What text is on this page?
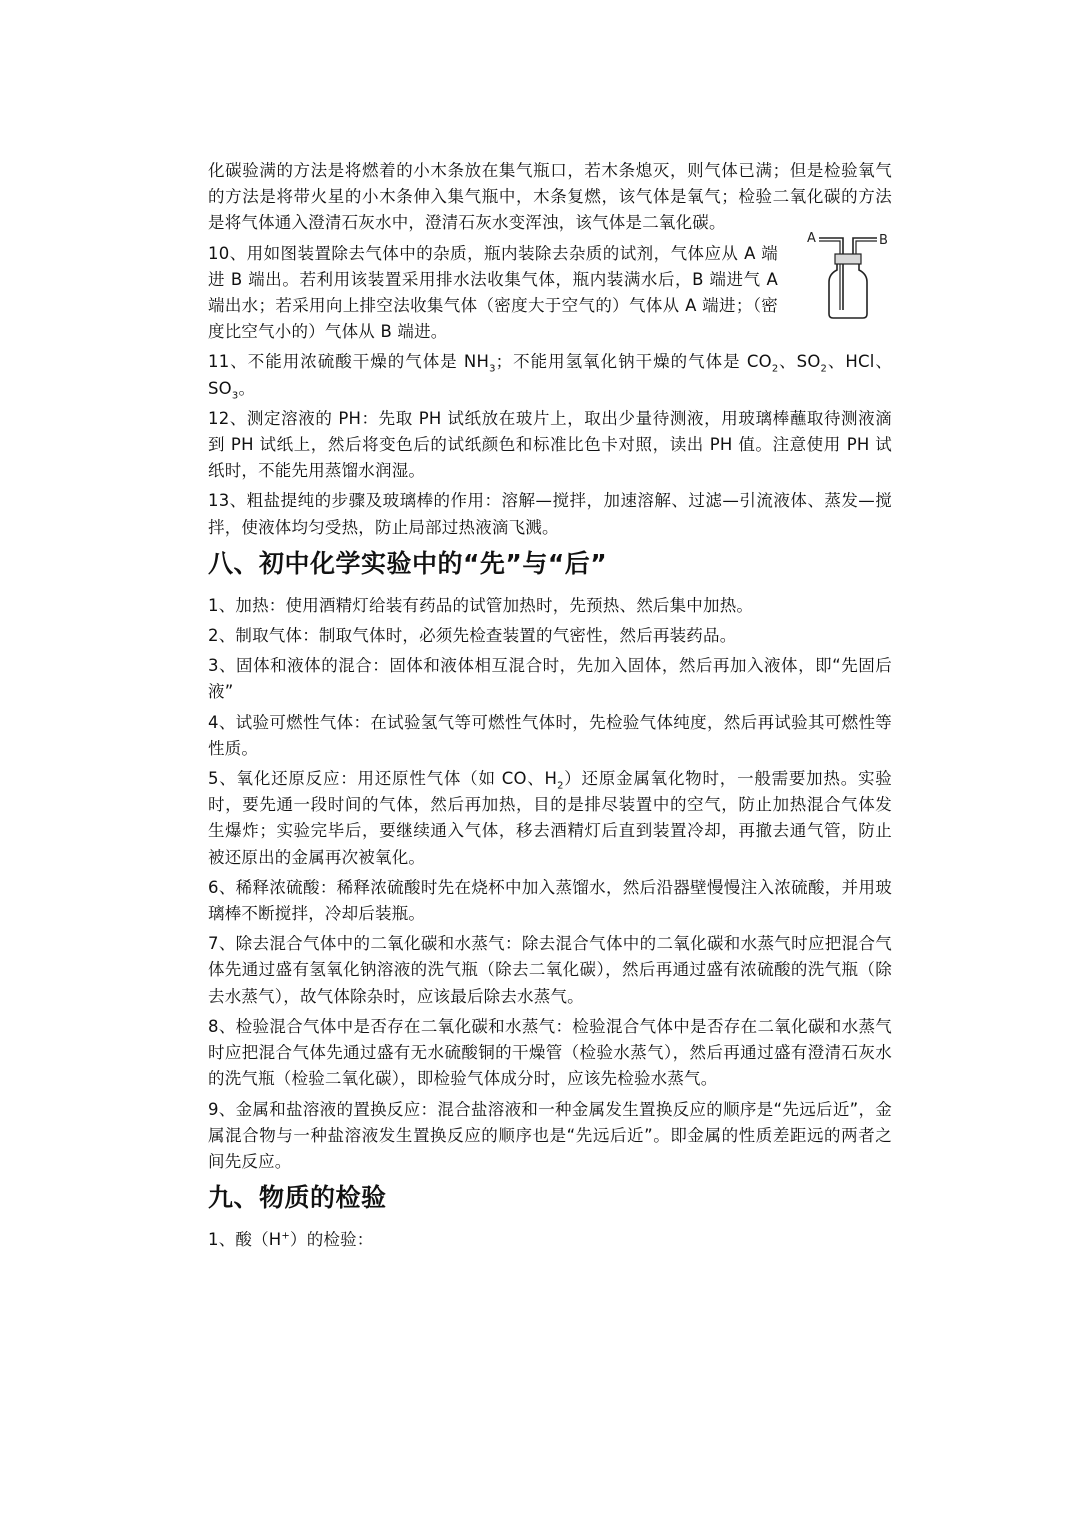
A	B

化碳验满的方法是将燃着的小木条放在集气瓶口，若木条熄灭，则气体已满；但是检验氧气的方法是将带火星的小木条伸入集气瓶中，木条复燃，该气体是氧气；检验二氧化碳的方法是将气体通入澄清石灰水中，澄清石灰水变浑浊，该气体是二氧化碳。

10、用如图装置除去气体中的杂质，瓶内装除去杂质的试剂，气体应从 A 端进 B 端出。若利用该装置采用排水法收集气体，瓶内装满水后，B 端进气 A 端出水；若采用向上排空法收集气体（密度大于空气的）气体从 A 端进；（密度比空气小的）气体从 B 端进。

11、不能用浓硫酸干燥的气体是 $NH_3$；不能用氢氧化钠干燥的气体是 $CO_2$、$SO_2$、HCl、$SO_3$。

12、测定溶液的 PH：先取 PH 试纸放在玻片上，取出少量待测液，用玻璃棒蘸取待测液滴到 PH 试纸上，然后将变色后的试纸颜色和标准比色卡对照，读出 PH 值。注意使用 PH 试纸时，不能先用蒸馏水润湿。

13、粗盐提纯的步骤及玻璃棒的作用：溶解—搅拌，加速溶解、过滤—引流液体、蒸发—搅拌，使液体均匀受热，防止局部过热液滴飞溅。

八、初中化学实验中的“先”与“后”

1、加热：使用酒精灯给装有药品的试管加热时，先预热、然后集中加热。

2、制取气体：制取气体时，必须先检查装置的气密性，然后再装药品。

3、固体和液体的混合：固体和液体相互混合时，先加入固体，然后再加入液体，即“先固后液”

4、试验可燃性气体：在试验氢气等可燃性气体时，先检验气体纯度，然后再试验其可燃性等性质。

5、氧化还原反应：用还原性气体（如 CO、$H_2$）还原金属氧化物时，一般需要加热。实验时，要先通一段时间的气体，然后再加热，目的是排尽装置中的空气，防止加热混合气体发生爆炸；实验完毕后，要继续通入气体，移去酒精灯后直到装置冷却，再撤去通气管，防止被还原出的金属再次被氧化。

6、稀释浓硫酸：稀释浓硫酸时先在烧杯中加入蒸馏水，然后沿器壁慢慢注入浓硫酸，并用玻璃棒不断搅拌，冷却后装瓶。

7、除去混合气体中的二氧化碳和水蒸气：除去混合气体中的二氧化碳和水蒸气时应把混合气体先通过盛有氢氧化钠溶液的洗气瓶（除去二氧化碳），然后再通过盛有浓硫酸的洗气瓶（除去水蒸气），故气体除杂时，应该最后除去水蒸气。

8、检验混合气体中是否存在二氧化碳和水蒸气：检验混合气体中是否存在二氧化碳和水蒸气时应把混合气体先通过盛有无水硫酸铜的干燥管（检验水蒸气），然后再通过盛有澄清石灰水的洗气瓶（检验二氧化碳），即检验气体成分时，应该先检验水蒸气。

9、金属和盐溶液的置换反应：混合盐溶液和一种金属发生置换反应的顺序是“先远后近”，金属混合物与一种盐溶液发生置换反应的顺序也是“先远后近”。即金属的性质差距远的两者之间先反应。

九、物质的检验

1、酸（H+）的检验：
